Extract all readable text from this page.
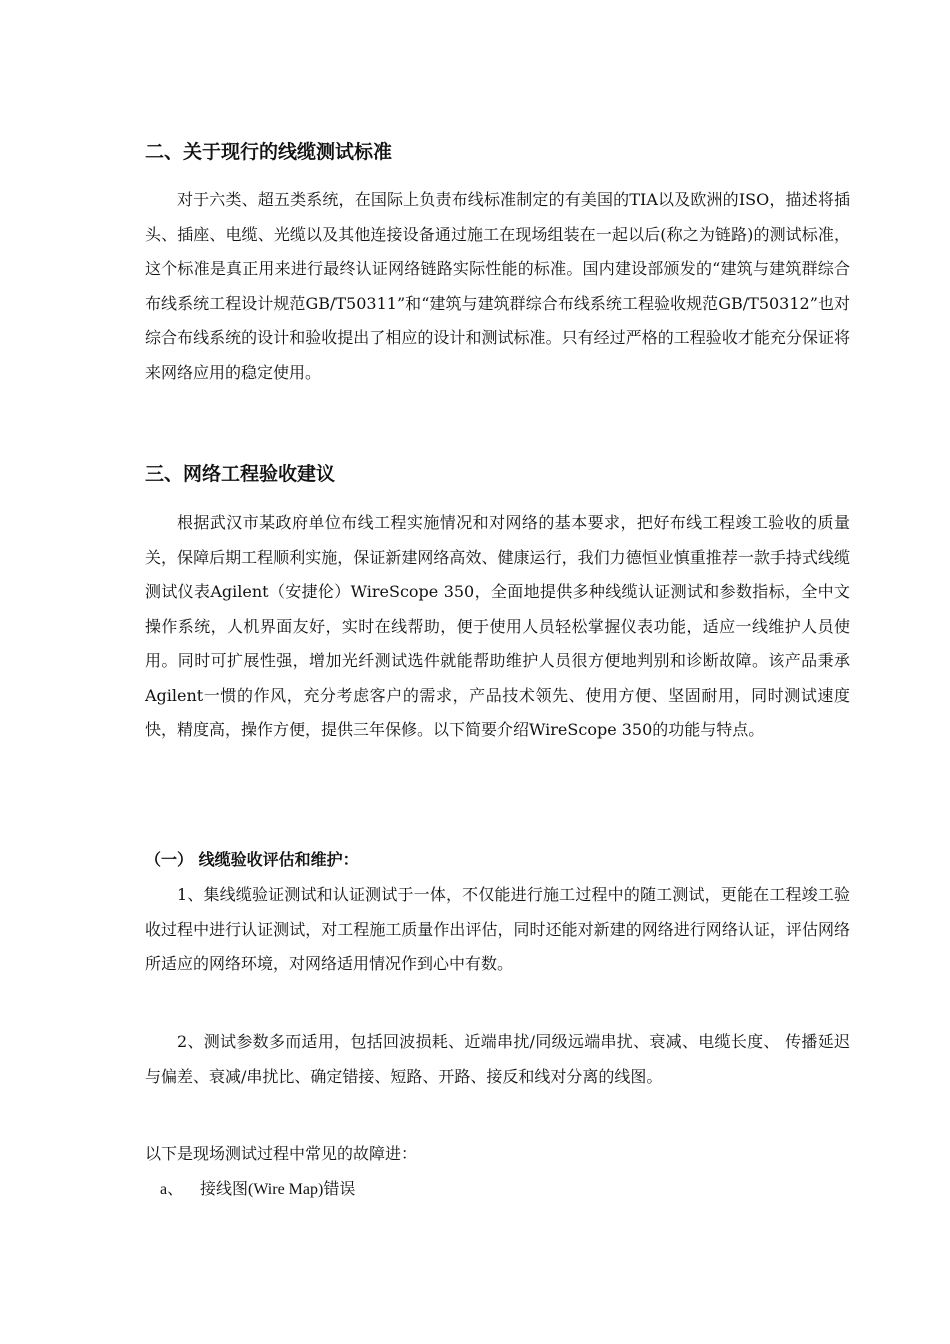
二、关于现行的线缆测试标准

对于六类、超五类系统，在国际上负责布线标准制定的有美国的TIA以及欧洲的ISO，描述将插头、插座、电缆、光缆以及其他连接设备通过施工在现场组装在一起以后(称之为链路)的测试标准，这个标准是真正用来进行最终认证网络链路实际性能的标准。国内建设部颁发的“建筑与建筑群综合布线系统工程设计规范GB/T50311”和“建筑与建筑群综合布线系统工程验收规范GB/T50312”也对综合布线系统的设计和验收提出了相应的设计和测试标准。只有经过严格的工程验收才能充分保证将来网络应用的稳定使用。

三、网络工程验收建议

根据武汉市某政府单位布线工程实施情况和对网络的基本要求，把好布线工程竣工验收的质量关，保障后期工程顺利实施，保证新建网络高效、健康运行，我们力德恒业慎重推荐一款手持式线缆测试仪表Agilent（安捷伦）WireScope 350，全面地提供多种线缆认证测试和参数指标，全中文操作系统，人机界面友好，实时在线帮助，便于使用人员轻松掌握仪表功能，适应一线维护人员使用。同时可扩展性强，增加光纤测试选件就能帮助维护人员很方便地判别和诊断故障。该产品秉承Agilent一惯的作风，充分考虑客户的需求，产品技术领先、使用方便、坚固耐用，同时测试速度快，精度高，操作方便，提供三年保修。以下简要介绍WireScope 350的功能与特点。

（一） 线缆验收评估和维护：

1、集线缆验证测试和认证测试于一体，不仅能进行施工过程中的随工测试，更能在工程竣工验收过程中进行认证测试，对工程施工质量作出评估，同时还能对新建的网络进行网络认证，评估网络所适应的网络环境，对网络适用情况作到心中有数。

2、测试参数多而适用，包括回波损耗、近端串扰/同级远端串扰、衰减、电缆长度、 传播延迟与偏差、衰减/串扰比、确定错接、短路、开路、接反和线对分离的线图。

以下是现场测试过程中常见的故障进：

a、 接线图(Wire Map)错误
